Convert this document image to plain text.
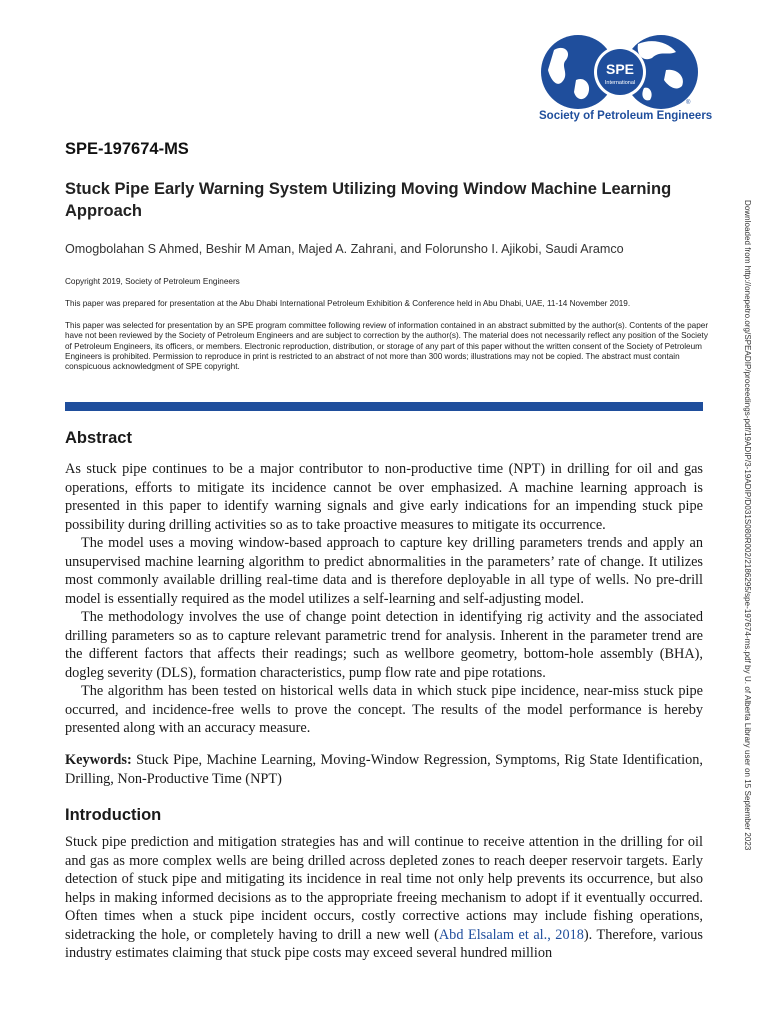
SPE
International
®
Society of Petroleum Engineers
SPE-197674-MS
Stuck Pipe Early Warning System Utilizing Moving Window Machine Learning Approach
Omogbolahan S Ahmed, Beshir M Aman, Majed A. Zahrani, and Folorunsho I. Ajikobi, Saudi Aramco
Copyright 2019, Society of Petroleum Engineers
This paper was prepared for presentation at the Abu Dhabi International Petroleum Exhibition & Conference held in Abu Dhabi, UAE, 11-14 November 2019.
This paper was selected for presentation by an SPE program committee following review of information contained in an abstract submitted by the author(s). Contents of the paper have not been reviewed by the Society of Petroleum Engineers and are subject to correction by the author(s). The material does not necessarily reflect any position of the Society of Petroleum Engineers, its officers, or members. Electronic reproduction, distribution, or storage of any part of this paper without the written consent of the Society of Petroleum Engineers is prohibited. Permission to reproduce in print is restricted to an abstract of not more than 300 words; illustrations may not be copied. The abstract must contain conspicuous acknowledgment of SPE copyright.
Abstract

As stuck pipe continues to be a major contributor to non-productive time (NPT) in drilling for oil and gas operations, efforts to mitigate its incidence cannot be over emphasized. A machine learning approach is presented in this paper to identify warning signals and give early indications for an impending stuck pipe possibility during drilling activities so as to take proactive measures to mitigate its occurrence.

The model uses a moving window-based approach to capture key drilling parameters trends and apply an unsupervised machine learning algorithm to predict abnormalities in the parameters’ rate of change. It utilizes most commonly available drilling real-time data and is therefore deployable in all type of wells. No pre-drill model is essentially required as the model utilizes a self-learning and self-adjusting model.

The methodology involves the use of change point detection in identifying rig activity and the associated drilling parameters so as to capture relevant parametric trend for analysis. Inherent in the parameter trend are the different factors that affects their readings; such as wellbore geometry, bottom-hole assembly (BHA), dogleg severity (DLS), formation characteristics, pump flow rate and pipe rotations.

The algorithm has been tested on historical wells data in which stuck pipe incidence, near-miss stuck pipe occurred, and incidence-free wells to prove the concept. The results of the model performance is hereby presented along with an accuracy measure.

Keywords: Stuck Pipe, Machine Learning, Moving-Window Regression, Symptoms, Rig State Identification, Drilling, Non-Productive Time (NPT)

Introduction

Stuck pipe prediction and mitigation strategies has and will continue to receive attention in the drilling for oil and gas as more complex wells are being drilled across depleted zones to reach deeper reservoir targets. Early detection of stuck pipe and mitigating its incidence in real time not only help prevents its occurrence, but also helps in making informed decisions as to the appropriate freeing mechanism to adopt if it eventually occurred. Often times when a stuck pipe incident occurs, costly corrective actions may include fishing operations, sidetracking the hole, or completely having to drill a new well (Abd Elsalam et al., 2018). Therefore, various industry estimates claiming that stuck pipe costs may exceed several hundred million

Downloaded from http://onepetro.org/SPEADIP/proceedings-pdf/19ADIP/3-19ADIP/D031S080R002/2186295/spe-197674-ms.pdf by U. of Alberta Library user on 15 September 2023
